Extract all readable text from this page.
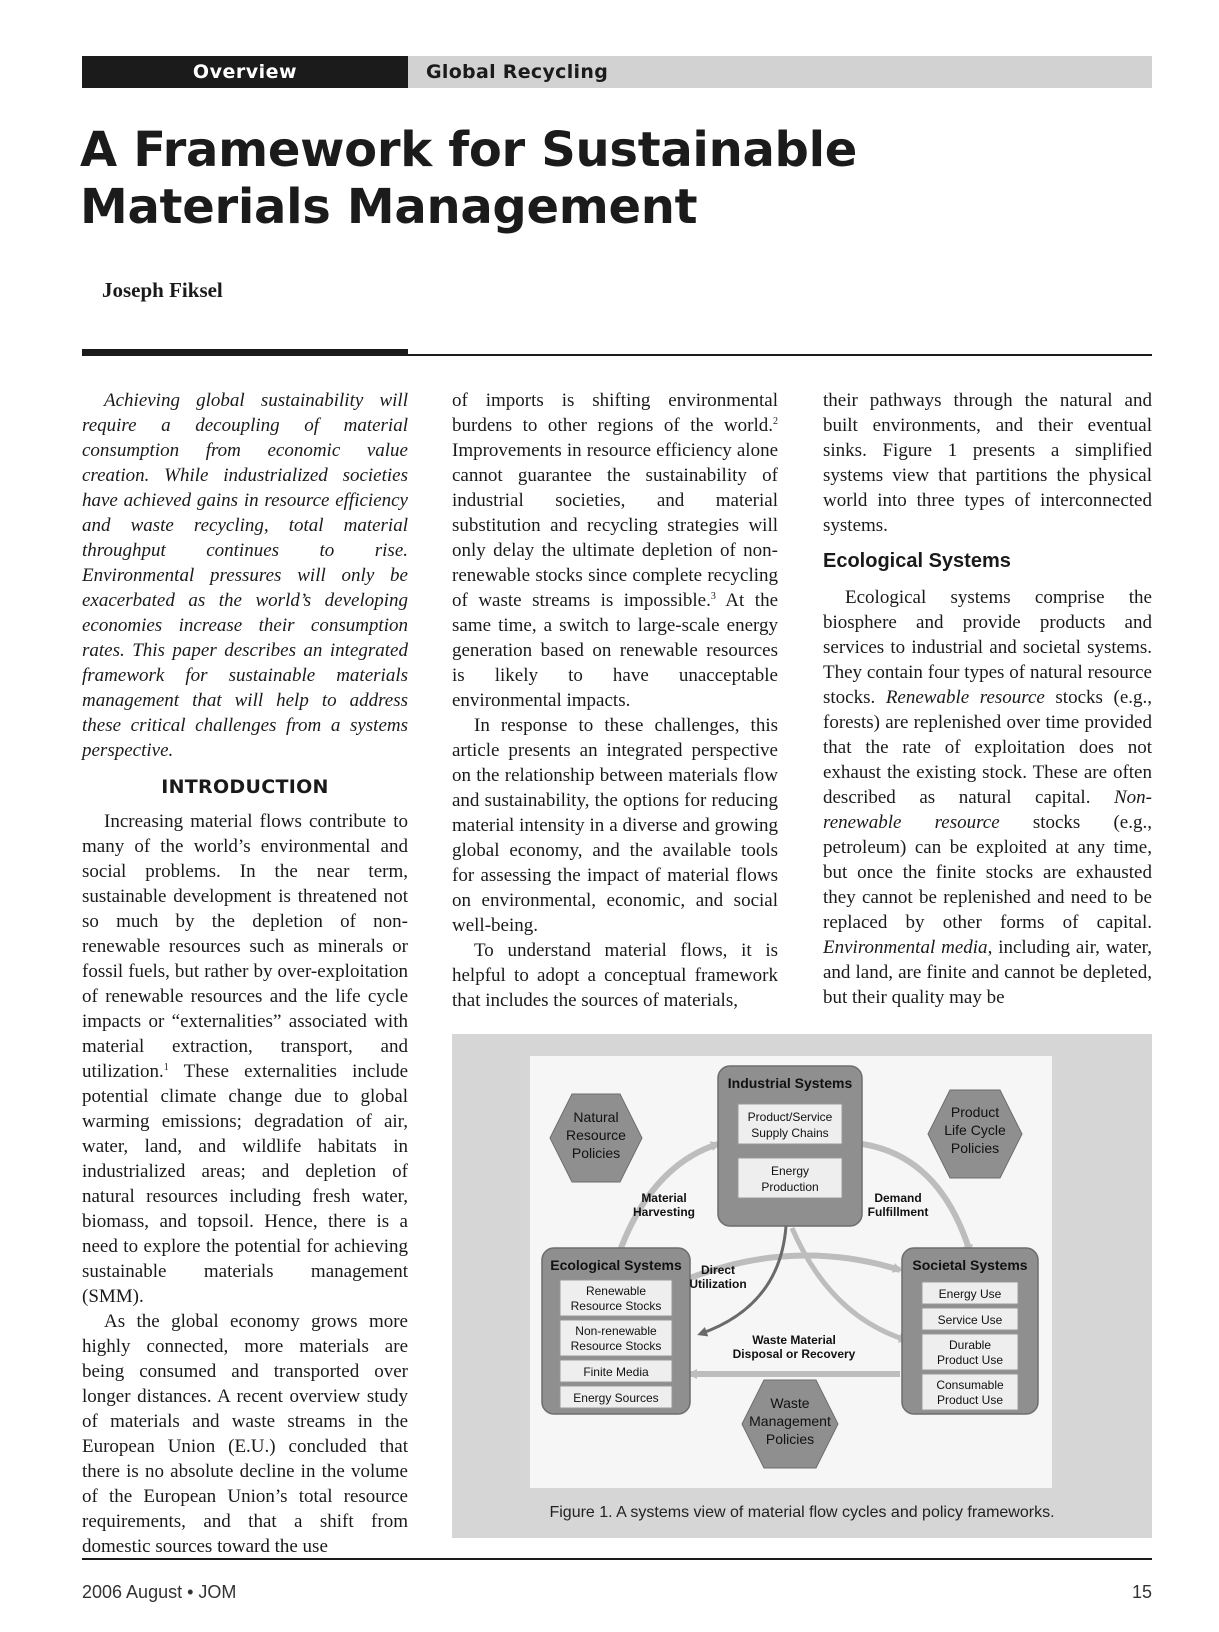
Overview	Global Recycling
A Framework for Sustainable
Materials Management
Joseph Fiksel

Achieving global sustainability will require a decoupling of material consumption from economic value creation. While industrialized societies have achieved gains in resource efficiency and waste recycling, total material throughput continues to rise. Environmental pressures will only be exacerbated as the world’s developing economies increase their consumption rates. This paper describes an integrated framework for sustainable materials management that will help to address these critical challenges from a systems perspective.

INTRODUCTION

Increasing material flows contribute to many of the world’s environmental and social problems. In the near term, sustainable development is threatened not so much by the depletion of non-renewable resources such as minerals or fossil fuels, but rather by over-exploitation of renewable resources and the life cycle impacts or “externalities” associated with material extraction, transport, and utilization.$^1$ These externalities include potential climate change due to global warming emissions; degradation of air, water, land, and wildlife habitats in industrialized areas; and depletion of natural resources including fresh water, biomass, and topsoil. Hence, there is a need to explore the potential for achieving sustainable materials management (SMM).

As the global economy grows more highly connected, more materials are being consumed and transported over longer distances. A recent overview study of materials and waste streams in the European Union (E.U.) concluded that there is no absolute decline in the volume of the European Union’s total resource requirements, and that a shift from domestic sources toward the use

of imports is shifting environmental burdens to other regions of the world.$^2$ Improvements in resource efficiency alone cannot guarantee the sustainability of industrial societies, and material substitution and recycling strategies will only delay the ultimate depletion of non-renewable stocks since complete recycling of waste streams is impossible.$^3$ At the same time, a switch to large-scale energy generation based on renewable resources is likely to have unacceptable environmental impacts.

In response to these challenges, this article presents an integrated perspective on the relationship between materials flow and sustainability, the options for reducing material intensity in a diverse and growing global economy, and the available tools for assessing the impact of material flows on environmental, economic, and social well-being.

To understand material flows, it is helpful to adopt a conceptual framework that includes the sources of materials,

their pathways through the natural and built environments, and their eventual sinks. Figure 1 presents a simplified systems view that partitions the physical world into three types of interconnected systems.

Ecological Systems

Ecological systems comprise the biosphere and provide products and services to industrial and societal systems. They contain four types of natural resource stocks. Renewable resource stocks (e.g., forests) are replenished over time provided that the rate of exploitation does not exhaust the existing stock. These are often described as natural capital. Non-renewable resource stocks (e.g., petroleum) can be exploited at any time, but once the finite stocks are exhausted they cannot be replenished and need to be replaced by other forms of capital. Environmental media, including air, water, and land, are finite and cannot be depleted, but their quality may be

Industrial Systems
Product/Service
Supply Chains
Energy
Production
Ecological Systems
Renewable
Resource Stocks
Non-renewable
Resource Stocks
Finite Media
Energy Sources
Societal Systems
Energy Use
Service Use
Durable
Product Use
Consumable
Product Use
Natural
Resource
Policies
Product
Life Cycle
Policies
Waste
Management
Policies
Material
Harvesting
Demand
Fulfillment
Direct
Utilization
Waste Material
Disposal or Recovery
Figure 1. A systems view of material flow cycles and policy frameworks.
2006 August • JOM	15
